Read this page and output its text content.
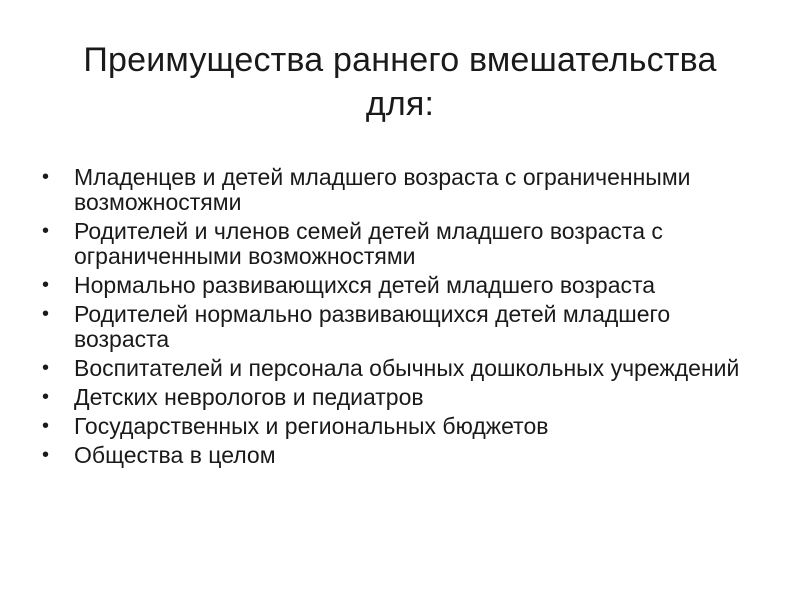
Преимущества раннего вмешательства
для:
•	Младенцев и детей младшего возраста с ограниченными возможностями
•	Родителей и членов семей детей младшего возраста с ограниченными возможностями
•	Нормально развивающихся детей младшего возраста
•	Родителей нормально развивающихся детей младшего возраста
•	Воспитателей и персонала обычных дошкольных учреждений
•	Детских неврологов и педиатров
•	Государственных и региональных бюджетов
•	Общества в целом
